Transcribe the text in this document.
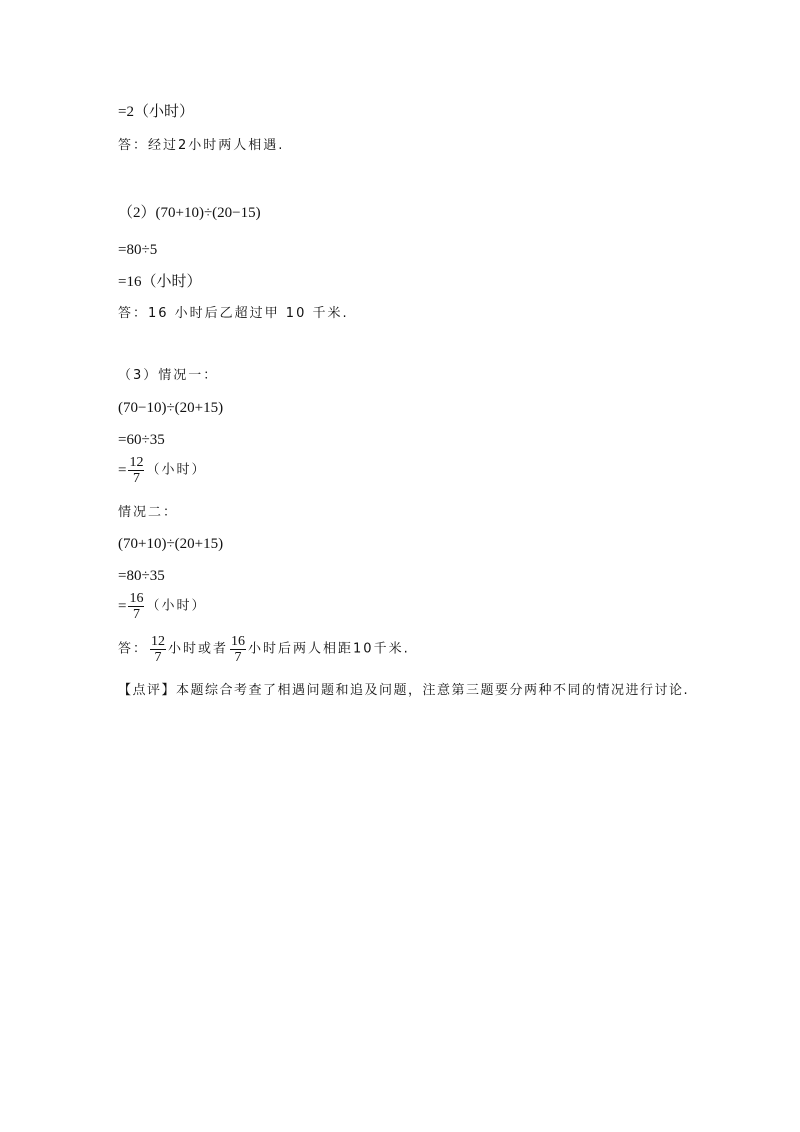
=2（小时）
答：经过2小时两人相遇.
（2）(70+10)÷(20−15)
=80÷5
=16（小时）
答：16 小时后乙超过甲 10 千米.
（3）情况一：
(70−10)÷(20+15)
=60÷35
= $\frac{12}{7}$ （小时）
情况二：
(70+10)÷(20+15)
=80÷35
= $\frac{16}{7}$ （小时）
答： $\frac{12}{7}$ 小时或者 $\frac{16}{7}$ 小时后两人相距10千米.
【点评】本题综合考查了相遇问题和追及问题，注意第三题要分两种不同的情况进行讨论.
